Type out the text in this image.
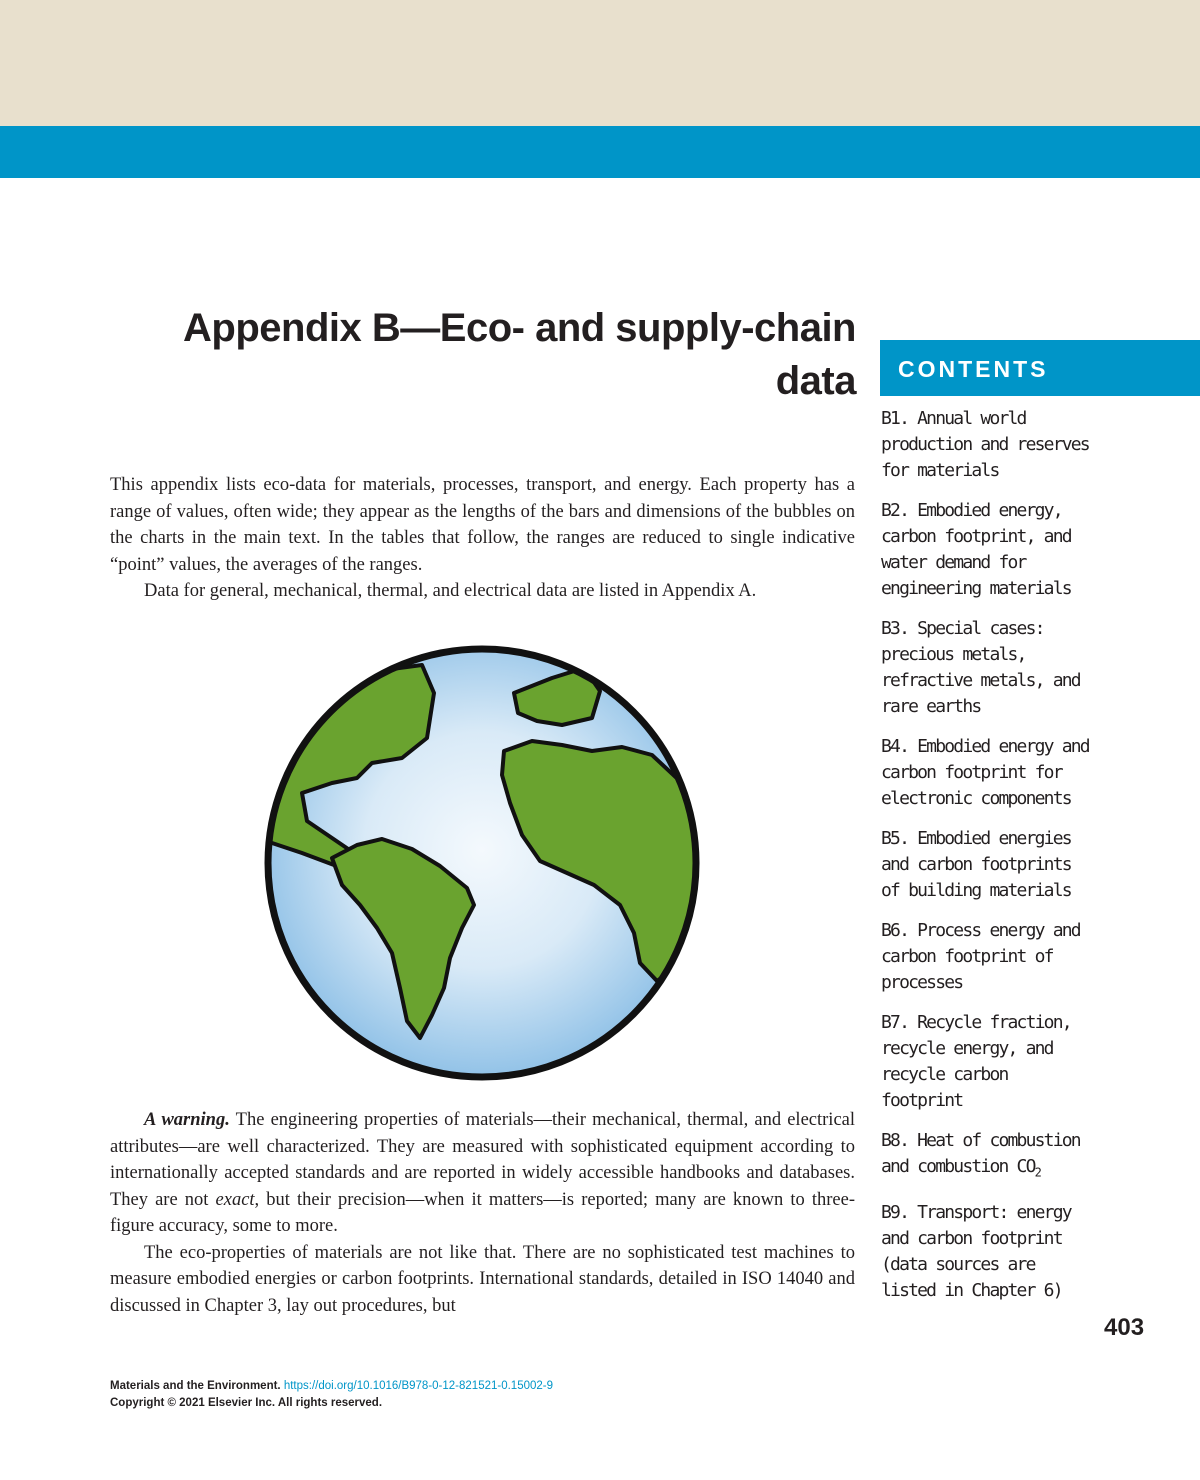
Appendix B—Eco- and supply-chain
data	CONTENTS
B1. Annual world production and reserves for materials
B2. Embodied energy, carbon footprint, and water demand for engineering materials
B3. Special cases: precious metals, refractive metals, and rare earths
B4. Embodied energy and carbon footprint for electronic components
B5. Embodied energies and carbon footprints of building materials
B6. Process energy and carbon footprint of processes
B7. Recycle fraction, recycle energy, and recycle carbon footprint
B8. Heat of combustion and combustion $CO_2$
B9. Transport: energy and carbon footprint (data sources are listed in Chapter 6)

This appendix lists eco-data for materials, processes, transport, and energy. Each property has a range of values, often wide; they appear as the lengths of the bars and dimensions of the bubbles on the charts in the main text. In the tables that follow, the ranges are reduced to single indicative “point” values, the averages of the ranges.

Data for general, mechanical, thermal, and electrical data are listed in Appendix A.

A warning. The engineering properties of materials—their mechanical, thermal, and electrical attributes—are well characterized. They are measured with sophisticated equipment according to internationally accepted standards and are reported in widely accessible handbooks and databases. They are not exact, but their precision—when it matters—is reported; many are known to three-figure accuracy, some to more.

The eco-properties of materials are not like that. There are no sophisticated test machines to measure embodied energies or carbon footprints. International standards, detailed in ISO 14040 and discussed in Chapter 3, lay out procedures, but

403
Materials and the Environment. https://doi.org/10.1016/B978-0-12-821521-0.15002-9
Copyright © 2021 Elsevier Inc. All rights reserved.
